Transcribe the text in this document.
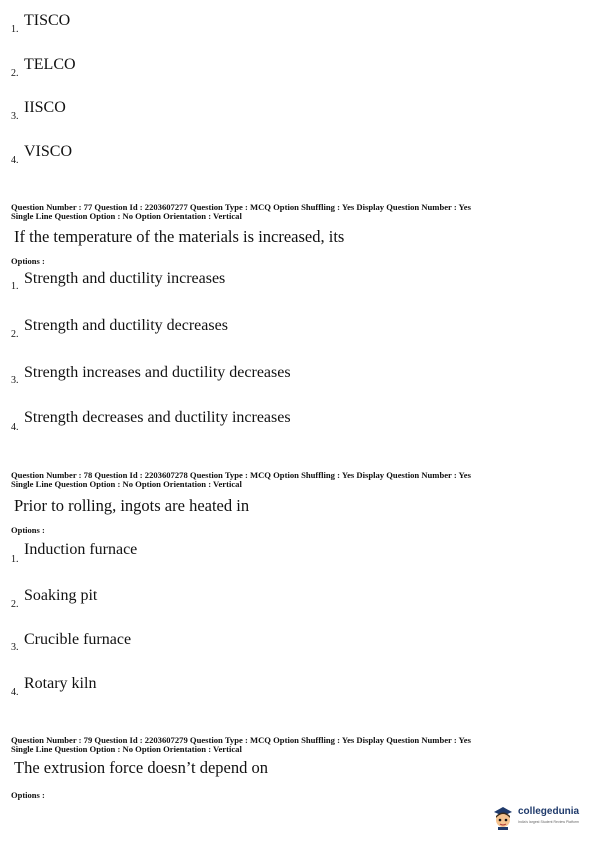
1.
TISCO
2.
TELCO
3.
IISCO
4.
VISCO
Question Number : 77 Question Id : 2203607277 Question Type : MCQ Option Shuffling : Yes Display Question Number : Yes
Single Line Question Option : No Option Orientation : Vertical
If the temperature of the materials is increased, its
Options :
1. Strength and ductility increases
2.
Strength and ductility decreases
3. Strength increases and ductility decreases
4.
Strength decreases and ductility increases
Question Number : 78 Question Id : 2203607278 Question Type : MCQ Option Shuffling : Yes Display Question Number : Yes
Single Line Question Option : No Option Orientation : Vertical
Prior to rolling, ingots are heated in
Options :
1.
Induction furnace
2.
Soaking pit
3. Crucible furnace
4.
Rotary kiln
Question Number : 79 Question Id : 2203607279 Question Type : MCQ Option Shuffling : Yes Display Question Number : Yes
Single Line Question Option : No Option Orientation : Vertical
The extrusion force doesn’t depend on
Options :
collegedunia
India's largest Student Review Platform
